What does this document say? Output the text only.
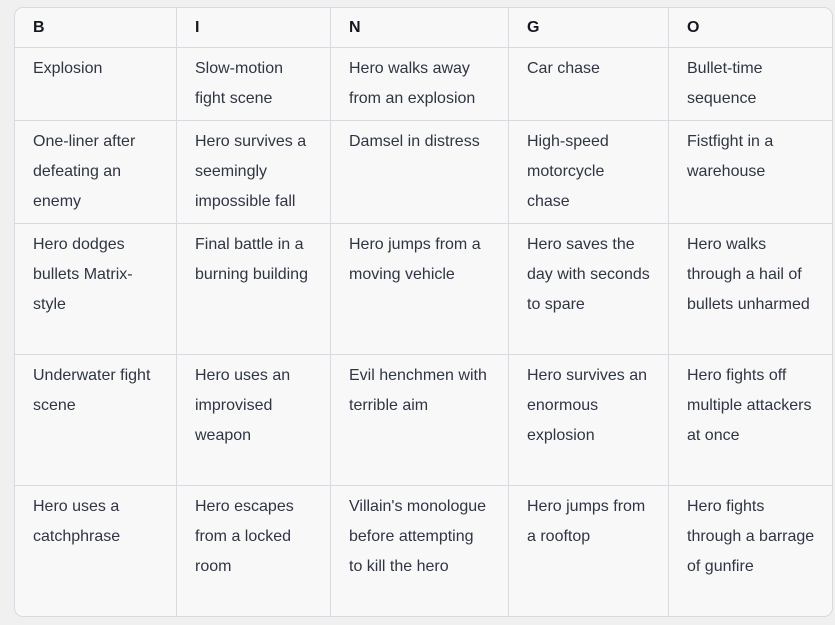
B	I	N	G	O
Explosion	Slow-motion fight scene	Hero walks away from an explosion	Car chase	Bullet-time sequence
One-liner after defeating an enemy	Hero survives a seemingly impossible fall	Damsel in distress	High-speed motorcycle chase	Fistfight in a warehouse
Hero dodges bullets Matrix-style	Final battle in a burning building	Hero jumps from a moving vehicle	Hero saves the day with seconds to spare	Hero walks through a hail of bullets unharmed
Underwater fight scene	Hero uses an improvised weapon	Evil henchmen with terrible aim	Hero survives an enormous explosion	Hero fights off multiple attackers at once
Hero uses a catchphrase	Hero escapes from a locked room	Villain's monologue before attempting to kill the hero	Hero jumps from a rooftop	Hero fights through a barrage of gunfire
